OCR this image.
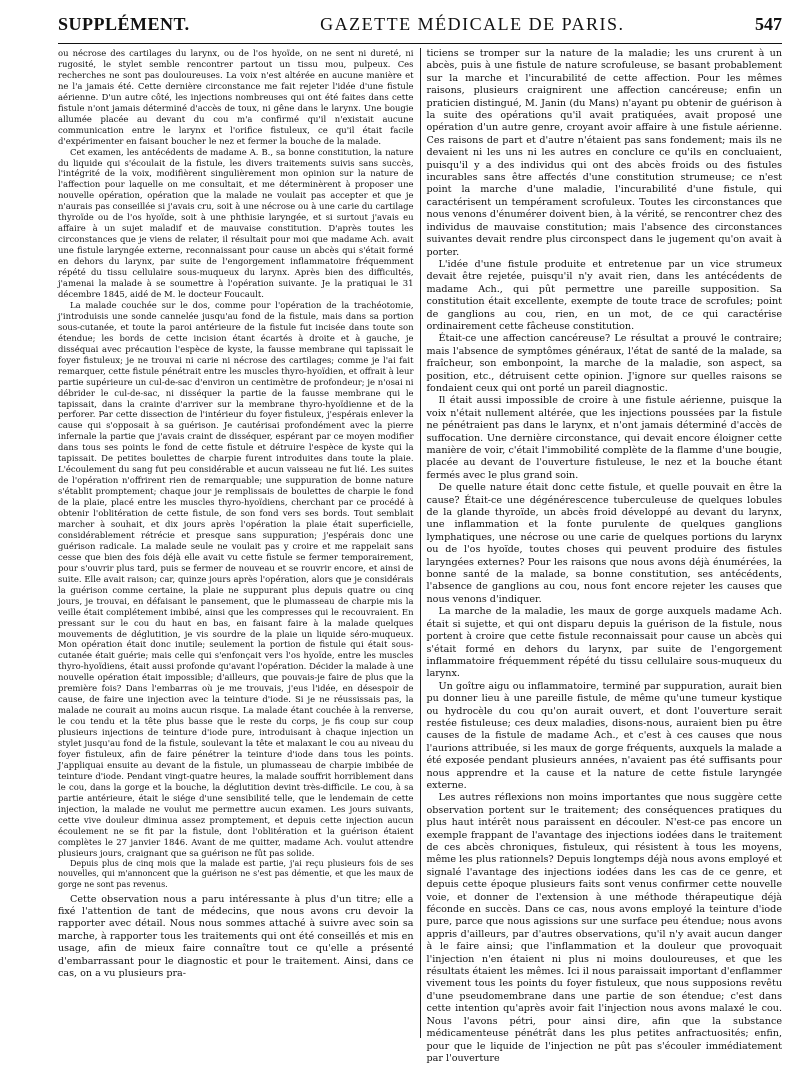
SUPPLÉMENT.	GAZETTE MÉDICALE DE PARIS.	547

ou nécrose des cartilages du larynx, ou de l'os hyoïde, on ne sent ni dureté, ni rugosité, le stylet semble rencontrer partout un tissu mou, pulpeux. Ces recherches ne sont pas douloureuses. La voix n'est altérée en aucune manière et ne l'a jamais été. Cette dernière circonstance me fait rejeter l'idée d'une fistule aérienne. D'un autre côté, les injections nombreuses qui ont été faites dans cette fistule n'ont jamais déterminé d'accès de toux, ni gêne dans le larynx. Une bougie allumée placée au devant du cou m'a confirmé qu'il n'existait aucune communication entre le larynx et l'orifice fistuleux, ce qu'il était facile d'expérimenter en faisant boucher le nez et fermer la bouche de la malade.

Cet examen, les antécédents de madame A. B., sa bonne constitution, la nature du liquide qui s'écoulait de la fistule, les divers traitements suivis sans succès, l'intégrité de la voix, modifièrent singulièrement mon opinion sur la nature de l'affection pour laquelle on me consultait, et me déterminèrent à proposer une nouvelle opération, opération que la malade ne voulait pas accepter et que je n'aurais pas conseillée si j'avais cru, soit à une nécrose ou à une carie du cartilage thyroïde ou de l'os hyoïde, soit à une phthisie laryngée, et si surtout j'avais eu affaire à un sujet maladif et de mauvaise constitution. D'après toutes les circonstances que je viens de relater, il résultait pour moi que madame Ach. avait une fistule laryngée externe, reconnaissant pour cause un abcès qui s'était formé en dehors du larynx, par suite de l'engorgement inflammatoire fréquemment répété du tissu cellulaire sous-muqueux du larynx. Après bien des difficultés, j'amenai la malade à se soumettre à l'opération suivante. Je la pratiquai le 31 décembre 1845, aidé de M. le docteur Foucault.

La malade couchée sur le dos, comme pour l'opération de la trachéotomie, j'introduisis une sonde cannelée jusqu'au fond de la fistule, mais dans sa portion sous-cutanée, et toute la paroi antérieure de la fistule fut incisée dans toute son étendue; les bords de cette incision étant écartés à droite et à gauche, je disséquai avec précaution l'espèce de kyste, la fausse membrane qui tapissait le foyer fistuleux; je ne trouvai ni carie ni nécrose des cartilages; comme je l'ai fait remarquer, cette fistule pénétrait entre les muscles thyro-hyoïdien, et offrait à leur partie supérieure un cul-de-sac d'environ un centimètre de profondeur; je n'osai ni débrider le cul-de-sac, ni disséquer la partie de la fausse membrane qui le tapissait, dans la crainte d'arriver sur la membrane thyro-hyoïdienne et de la perforer. Par cette dissection de l'intérieur du foyer fistuleux, j'espérais enlever la cause qui s'opposait à sa guérison. Je cautérisai profondément avec la pierre infernale la partie que j'avais craint de disséquer, espérant par ce moyen modifier dans tous ses points le fond de cette fistule et détruire l'espèce de kyste qui la tapissait. De petites boulettes de charpie furent introduites dans toute la plaie. L'écoulement du sang fut peu considérable et aucun vaisseau ne fut lié. Les suites de l'opération n'offrirent rien de remarquable; une suppuration de bonne nature s'établit promptement; chaque jour je remplissais de boulettes de charpie le fond de la plaie, placé entre les muscles thyro-hyoïdiens, cherchant par ce procédé à obtenir l'oblitération de cette fistule, de son fond vers ses bords. Tout semblait marcher à souhait, et dix jours après l'opération la plaie était superficielle, considérablement rétrécie et presque sans suppuration; j'espérais donc une guérison radicale. La malade seule ne voulait pas y croire et me rappelait sans cesse que bien des fois déjà elle avait vu cette fistule se fermer temporairement, pour s'ouvrir plus tard, puis se fermer de nouveau et se rouvrir encore, et ainsi de suite. Elle avait raison; car, quinze jours après l'opération, alors que je considérais la guérison comme certaine, la plaie ne suppurant plus depuis quatre ou cinq jours, je trouvai, en défaisant le pansement, que le plumasseau de charpie mis la veille était complétement imbibé, ainsi que les compresses qui le recouvraient. En pressant sur le cou du haut en bas, en faisant faire à la malade quelques mouvements de déglutition, je vis sourdre de la plaie un liquide séro-muqueux. Mon opération était donc inutile; seulement la portion de fistule qui était sous-cutanée était guérie; mais celle qui s'enfonçait vers l'os hyoïde, entre les muscles thyro-hyoïdiens, était aussi profonde qu'avant l'opération. Décider la malade à une nouvelle opération était impossible; d'ailleurs, que pouvais-je faire de plus que la première fois? Dans l'embarras où je me trouvais, j'eus l'idée, en désespoir de cause, de faire une injection avec la teinture d'iode. Si je ne réussissais pas, la malade ne courait au moins aucun risque. La malade étant couchée à la renverse, le cou tendu et la tête plus basse que le reste du corps, je fis coup sur coup plusieurs injections de teinture d'iode pure, introduisant à chaque injection un stylet jusqu'au fond de la fistule, soulevant la tête et malaxant le cou au niveau du foyer fistuleux, afin de faire pénétrer la teinture d'iode dans tous les points. J'appliquai ensuite au devant de la fistule, un plumasseau de charpie imbibée de teinture d'iode. Pendant vingt-quatre heures, la malade souffrit horriblement dans le cou, dans la gorge et la bouche, la déglutition devint très-difficile. Le cou, à sa partie antérieure, était le siége d'une sensibilité telle, que le lendemain de cette injection, la malade ne voulut me permettre aucun examen. Les jours suivants, cette vive douleur diminua assez promptement, et depuis cette injection aucun écoulement ne se fit par la fistule, dont l'oblitération et la guérison étaient complètes le 27 janvier 1846. Avant de me quitter, madame Ach. voulut attendre plusieurs jours, craignant que sa guérison ne fût pas solide.

Depuis plus de cinq mois que la malade est partie, j'ai reçu plusieurs fois de ses nouvelles, qui m'annoncent que la guérison ne s'est pas démentie, et que les maux de gorge ne sont pas revenus.

Cette observation nous a paru intéressante à plus d'un titre; elle a fixé l'attention de tant de médecins, que nous avons cru devoir la rapporter avec détail. Nous nous sommes attaché à suivre avec soin sa marche, à rapporter tous les traitements qui ont été conseillés et mis en usage, afin de mieux faire connaître tout ce qu'elle a présenté d'embarrassant pour le diagnostic et pour le traitement. Ainsi, dans ce cas, on a vu plusieurs pra-

ticiens se tromper sur la nature de la maladie; les uns crurent à un abcès, puis à une fistule de nature scrofuleuse, se basant probablement sur la marche et l'incurabilité de cette affection. Pour les mêmes raisons, plusieurs craignirent une affection cancéreuse; enfin un praticien distingué, M. Janin (du Mans) n'ayant pu obtenir de guérison à la suite des opérations qu'il avait pratiquées, avait proposé une opération d'un autre genre, croyant avoir affaire à une fistule aérienne. Ces raisons de part et d'autre n'étaient pas sans fondement; mais ils ne devaient ni les uns ni les autres en conclure ce qu'ils en concluaient, puisqu'il y a des individus qui ont des abcès froids ou des fistules incurables sans être affectés d'une constitution strumeuse; ce n'est point la marche d'une maladie, l'incurabilité d'une fistule, qui caractérisent un tempérament scrofuleux. Toutes les circonstances que nous venons d'énumérer doivent bien, à la vérité, se rencontrer chez des individus de mauvaise constitution; mais l'absence des circonstances suivantes devait rendre plus circonspect dans le jugement qu'on avait à porter.

L'idée d'une fistule produite et entretenue par un vice strumeux devait être rejetée, puisqu'il n'y avait rien, dans les antécédents de madame Ach., qui pût permettre une pareille supposition. Sa constitution était excellente, exempte de toute trace de scrofules; point de ganglions au cou, rien, en un mot, de ce qui caractérise ordinairement cette fâcheuse constitution.

Était-ce une affection cancéreuse? Le résultat a prouvé le contraire; mais l'absence de symptômes généraux, l'état de santé de la malade, sa fraîcheur, son embonpoint, la marche de la maladie, son aspect, sa position, etc., détruisent cette opinion. J'ignore sur quelles raisons se fondaient ceux qui ont porté un pareil diagnostic.

Il était aussi impossible de croire à une fistule aérienne, puisque la voix n'était nullement altérée, que les injections poussées par la fistule ne pénétraient pas dans le larynx, et n'ont jamais déterminé d'accès de suffocation. Une dernière circonstance, qui devait encore éloigner cette manière de voir, c'était l'immobilité complète de la flamme d'une bougie, placée au devant de l'ouverture fistuleuse, le nez et la bouche étant fermés avec le plus grand soin.

De quelle nature était donc cette fistule, et quelle pouvait en être la cause? Était-ce une dégénérescence tuberculeuse de quelques lobules de la glande thyroïde, un abcès froid développé au devant du larynx, une inflammation et la fonte purulente de quelques ganglions lymphatiques, une nécrose ou une carie de quelques portions du larynx ou de l'os hyoïde, toutes choses qui peuvent produire des fistules laryngées externes? Pour les raisons que nous avons déjà énumérées, la bonne santé de la malade, sa bonne constitution, ses antécédents, l'absence de ganglions au cou, nous font encore rejeter les causes que nous venons d'indiquer.

La marche de la maladie, les maux de gorge auxquels madame Ach. était si sujette, et qui ont disparu depuis la guérison de la fistule, nous portent à croire que cette fistule reconnaissait pour cause un abcès qui s'était formé en dehors du larynx, par suite de l'engorgement inflammatoire fréquemment répété du tissu cellulaire sous-muqueux du larynx.

Un goître aigu ou inflammatoire, terminé par suppuration, aurait bien pu donner lieu à une pareille fistule, de même qu'une tumeur kystique ou hydrocèle du cou qu'on aurait ouvert, et dont l'ouverture serait restée fistuleuse; ces deux maladies, disons-nous, auraient bien pu être causes de la fistule de madame Ach., et c'est à ces causes que nous l'aurions attribuée, si les maux de gorge fréquents, auxquels la malade a été exposée pendant plusieurs années, n'avaient pas été suffisants pour nous apprendre et la cause et la nature de cette fistule laryngée externe.

Les autres réflexions non moins importantes que nous suggère cette observation portent sur le traitement; des conséquences pratiques du plus haut intérêt nous paraissent en découler. N'est-ce pas encore un exemple frappant de l'avantage des injections iodées dans le traitement de ces abcès chroniques, fistuleux, qui résistent à tous les moyens, même les plus rationnels? Depuis longtemps déjà nous avons employé et signalé l'avantage des injections iodées dans les cas de ce genre, et depuis cette époque plusieurs faits sont venus confirmer cette nouvelle voie, et donner de l'extension à une méthode thérapeutique déjà féconde en succès. Dans ce cas, nous avons employé la teinture d'iode pure, parce que nous agissions sur une surface peu étendue; nous avons appris d'ailleurs, par d'autres observations, qu'il n'y avait aucun danger à le faire ainsi; que l'inflammation et la douleur que provoquait l'injection n'en étaient ni plus ni moins douloureuses, et que les résultats étaient les mêmes. Ici il nous paraissait important d'enflammer vivement tous les points du foyer fistuleux, que nous supposions revêtu d'une pseudomembrane dans une partie de son étendue; c'est dans cette intention qu'après avoir fait l'injection nous avons malaxé le cou. Nous l'avons pétri, pour ainsi dire, afin que la substance médicamenteuse pénétrât dans les plus petites anfractuosités; enfin, pour que le liquide de l'injection ne pût pas s'écouler immédiatement par l'ouverture
